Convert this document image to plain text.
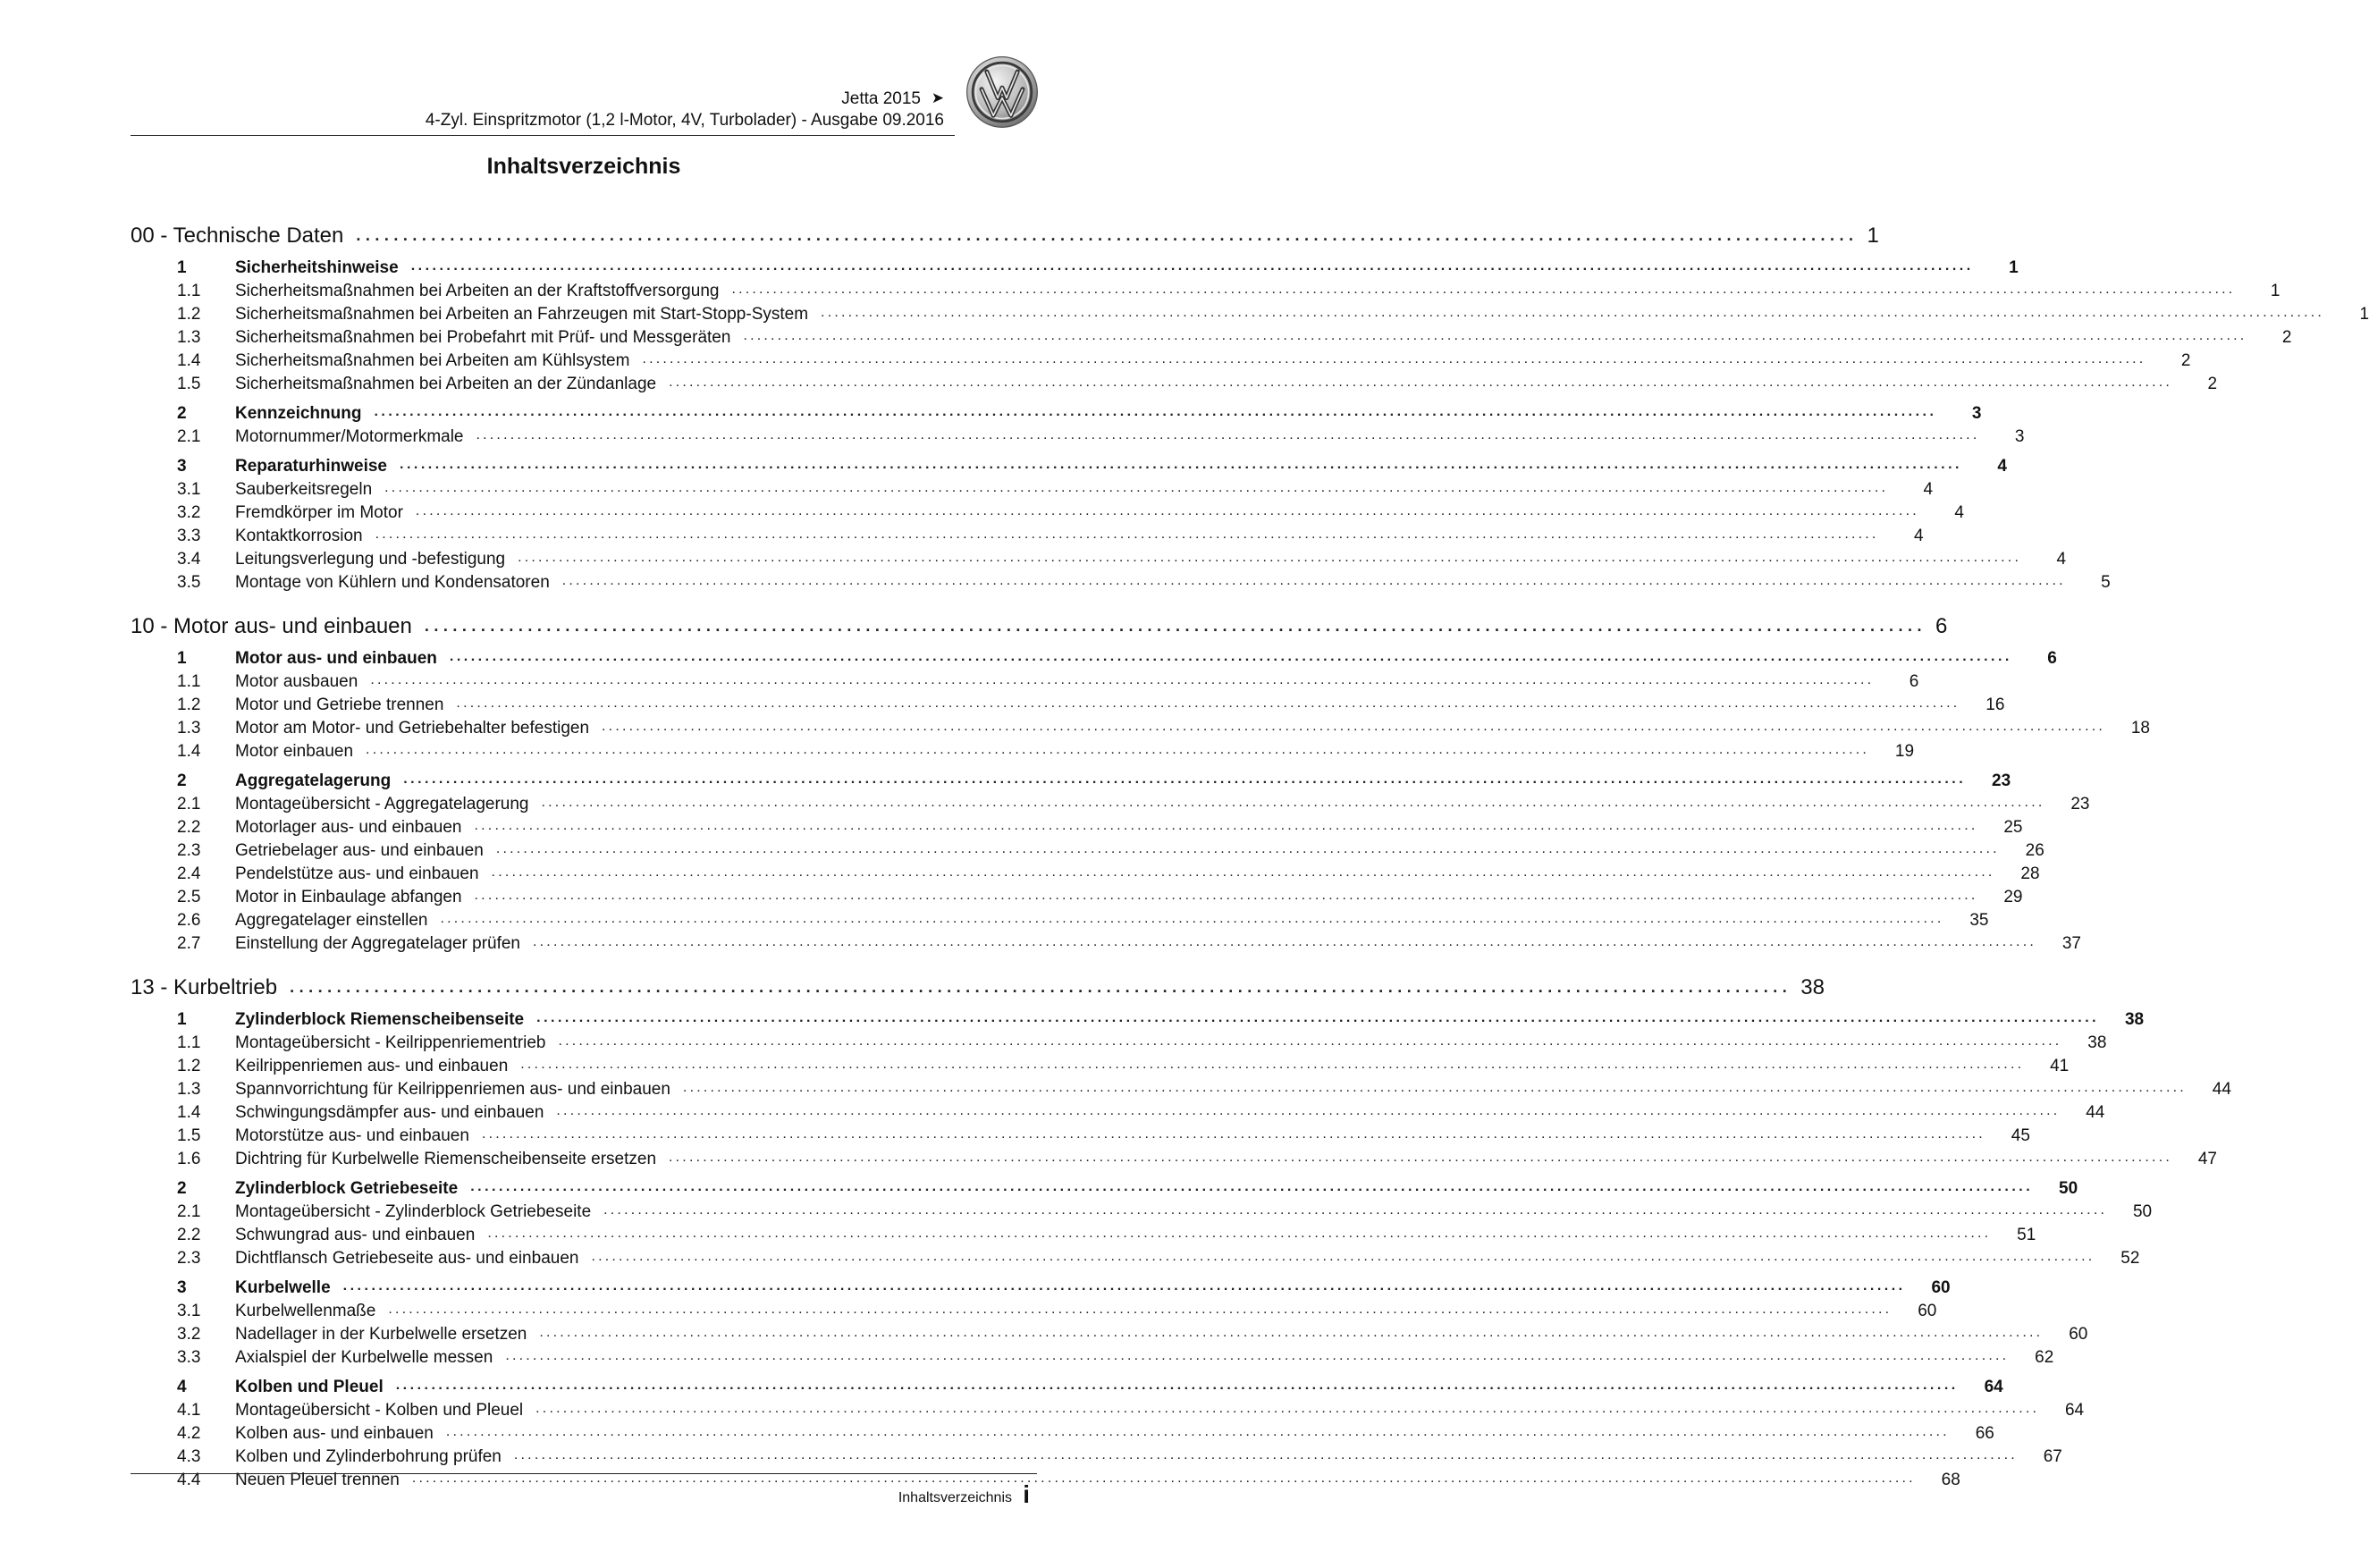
Jetta 2015 ➤
4-Zyl. Einspritzmotor (1,2 l-Motor, 4V, Turbolader) - Ausgabe 09.2016
Inhaltsverzeichnis
00 - Technische Daten ................................................................................................................................................................ 1
1	Sicherheitshinweise ............................................................................................................................................................................................................................	1
1.1	Sicherheitsmaßnahmen bei Arbeiten an der Kraftstoffversorgung ............................................................................................................................................................................................................................	1
1.2	Sicherheitsmaßnahmen bei Arbeiten an Fahrzeugen mit Start-Stopp-System ............................................................................................................................................................................................................................	1
1.3	Sicherheitsmaßnahmen bei Probefahrt mit Prüf- und Messgeräten ............................................................................................................................................................................................................................	2
1.4	Sicherheitsmaßnahmen bei Arbeiten am Kühlsystem ............................................................................................................................................................................................................................	2
1.5	Sicherheitsmaßnahmen bei Arbeiten an der Zündanlage ............................................................................................................................................................................................................................	2
2	Kennzeichnung ............................................................................................................................................................................................................................	3
2.1	Motornummer/Motormerkmale ............................................................................................................................................................................................................................	3
3	Reparaturhinweise ............................................................................................................................................................................................................................	4
3.1	Sauberkeitsregeln ............................................................................................................................................................................................................................	4
3.2	Fremdkörper im Motor ............................................................................................................................................................................................................................	4
3.3	Kontaktkorrosion ............................................................................................................................................................................................................................	4
3.4	Leitungsverlegung und -befestigung ............................................................................................................................................................................................................................	4
3.5	Montage von Kühlern und Kondensatoren ............................................................................................................................................................................................................................	5
10 - Motor aus- und einbauen ................................................................................................................................................................ 6
1	Motor aus- und einbauen ............................................................................................................................................................................................................................	6
1.1	Motor ausbauen ............................................................................................................................................................................................................................	6
1.2	Motor und Getriebe trennen ............................................................................................................................................................................................................................	16
1.3	Motor am Motor- und Getriebehalter befestigen ............................................................................................................................................................................................................................	18
1.4	Motor einbauen ............................................................................................................................................................................................................................	19
2	Aggregatelagerung ............................................................................................................................................................................................................................	23
2.1	Montageübersicht - Aggregatelagerung ............................................................................................................................................................................................................................	23
2.2	Motorlager aus- und einbauen ............................................................................................................................................................................................................................	25
2.3	Getriebelager aus- und einbauen ............................................................................................................................................................................................................................	26
2.4	Pendelstütze aus- und einbauen ............................................................................................................................................................................................................................	28
2.5	Motor in Einbaulage abfangen ............................................................................................................................................................................................................................	29
2.6	Aggregatelager einstellen ............................................................................................................................................................................................................................	35
2.7	Einstellung der Aggregatelager prüfen ............................................................................................................................................................................................................................	37
13 - Kurbeltrieb ................................................................................................................................................................ 38
1	Zylinderblock Riemenscheibenseite ............................................................................................................................................................................................................................	38
1.1	Montageübersicht - Keilrippenriementrieb ............................................................................................................................................................................................................................	38
1.2	Keilrippenriemen aus- und einbauen ............................................................................................................................................................................................................................	41
1.3	Spannvorrichtung für Keilrippenriemen aus- und einbauen ............................................................................................................................................................................................................................	44
1.4	Schwingungsdämpfer aus- und einbauen ............................................................................................................................................................................................................................	44
1.5	Motorstütze aus- und einbauen ............................................................................................................................................................................................................................	45
1.6	Dichtring für Kurbelwelle Riemenscheibenseite ersetzen ............................................................................................................................................................................................................................	47
2	Zylinderblock Getriebeseite ............................................................................................................................................................................................................................	50
2.1	Montageübersicht - Zylinderblock Getriebeseite ............................................................................................................................................................................................................................	50
2.2	Schwungrad aus- und einbauen ............................................................................................................................................................................................................................	51
2.3	Dichtflansch Getriebeseite aus- und einbauen ............................................................................................................................................................................................................................	52
3	Kurbelwelle ............................................................................................................................................................................................................................	60
3.1	Kurbelwellenmaße ............................................................................................................................................................................................................................	60
3.2	Nadellager in der Kurbelwelle ersetzen ............................................................................................................................................................................................................................	60
3.3	Axialspiel der Kurbelwelle messen ............................................................................................................................................................................................................................	62
4	Kolben und Pleuel ............................................................................................................................................................................................................................	64
4.1	Montageübersicht - Kolben und Pleuel ............................................................................................................................................................................................................................	64
4.2	Kolben aus- und einbauen ............................................................................................................................................................................................................................	66
4.3	Kolben und Zylinderbohrung prüfen ............................................................................................................................................................................................................................	67
4.4	Neuen Pleuel trennen ............................................................................................................................................................................................................................	68
Inhaltsverzeichnis i
